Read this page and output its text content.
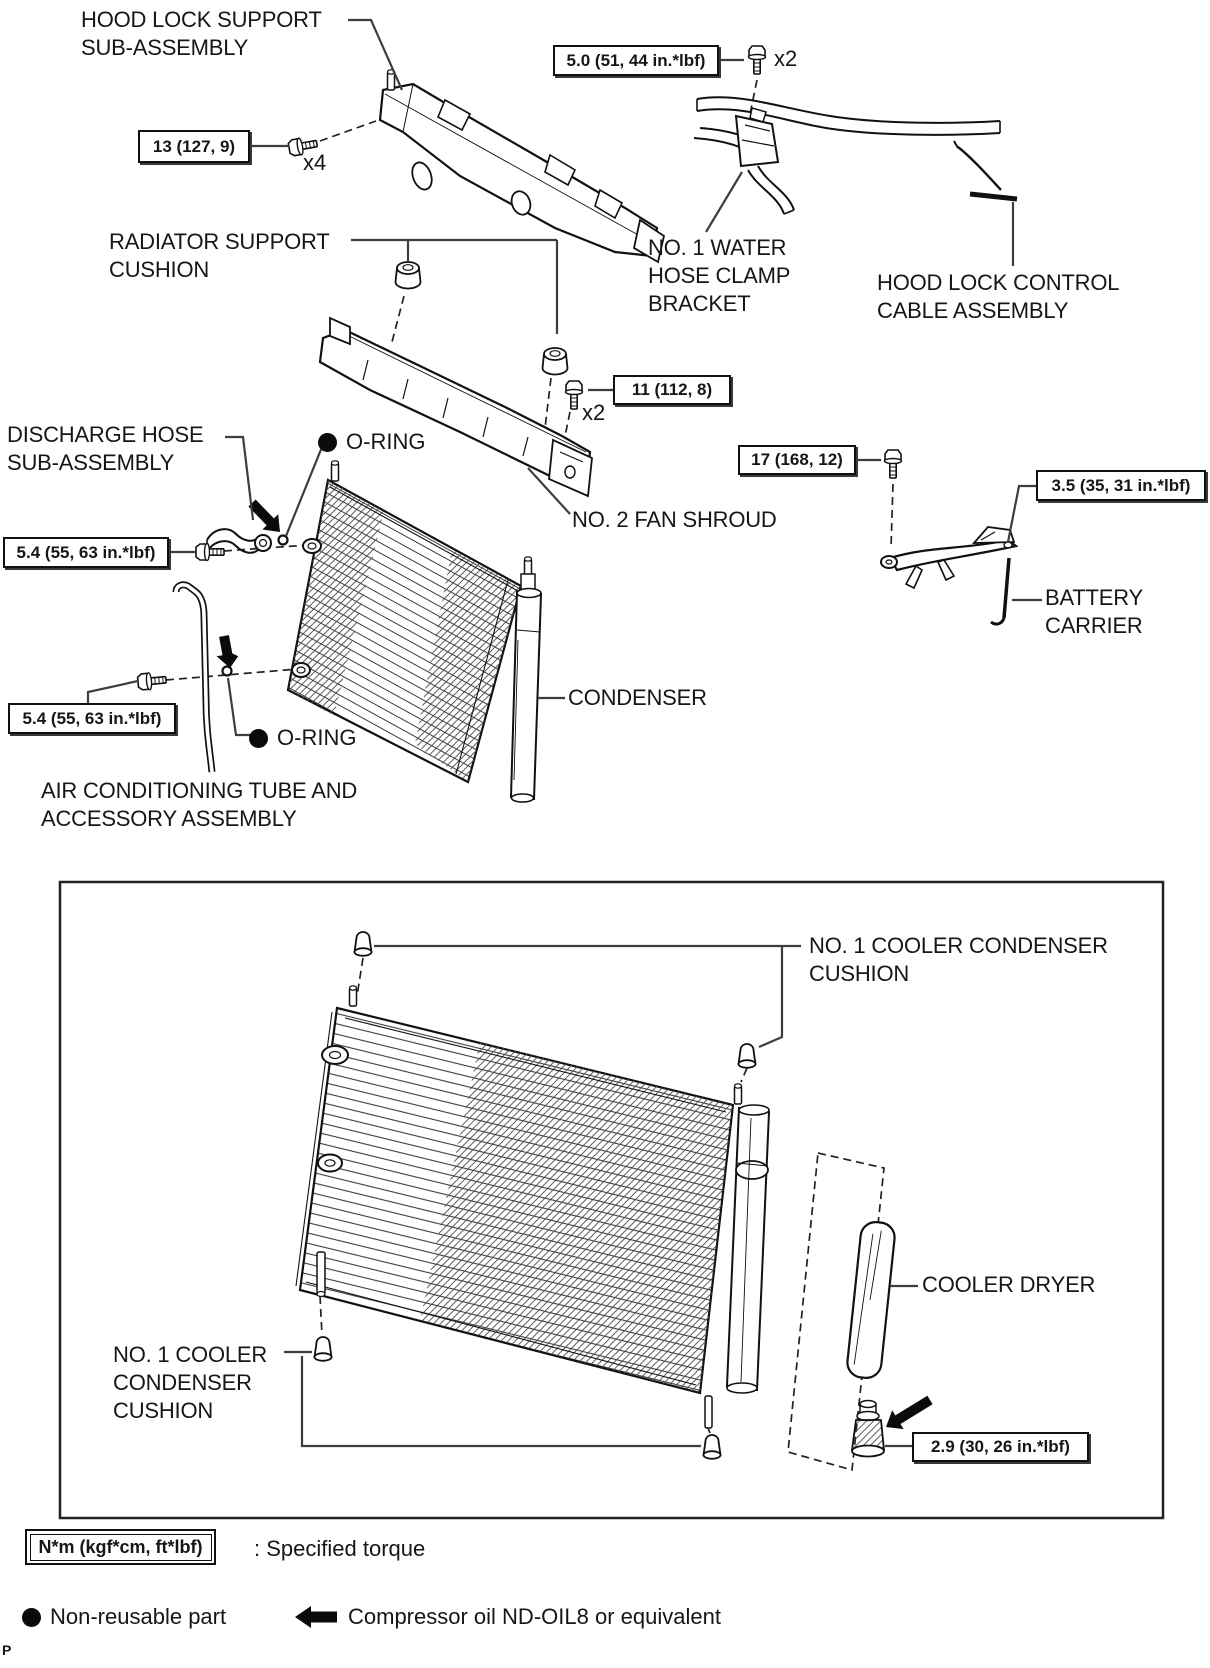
HOOD LOCK SUPPORT
SUB-ASSEMBLY
13 (127, 9)
x4
5.0 (51, 44 in.*lbf)	x2
RADIATOR SUPPORT
CUSHION
NO. 1 WATER
HOSE CLAMP
BRACKET
HOOD LOCK CONTROL
CABLE ASSEMBLY
11 (112, 8)
x2
O-RING
DISCHARGE HOSE
SUB-ASSEMBLY
NO. 2 FAN SHROUD
17 (168, 12)
3.5 (35, 31 in.*lbf)
BATTERY
CARRIER
5.4 (55, 63 in.*lbf)
CONDENSER
5.4 (55, 63 in.*lbf)
O-RING
AIR CONDITIONING TUBE AND
ACCESSORY ASSEMBLY
NO. 1 COOLER CONDENSER
CUSHION
NO. 1 COOLER
CONDENSER
CUSHION
COOLER DRYER
2.9 (30, 26 in.*lbf)
N*m (kgf*cm, ft*lbf)	: Specified torque
Non-reusable part	Compressor oil ND-OIL8 or equivalent
P
